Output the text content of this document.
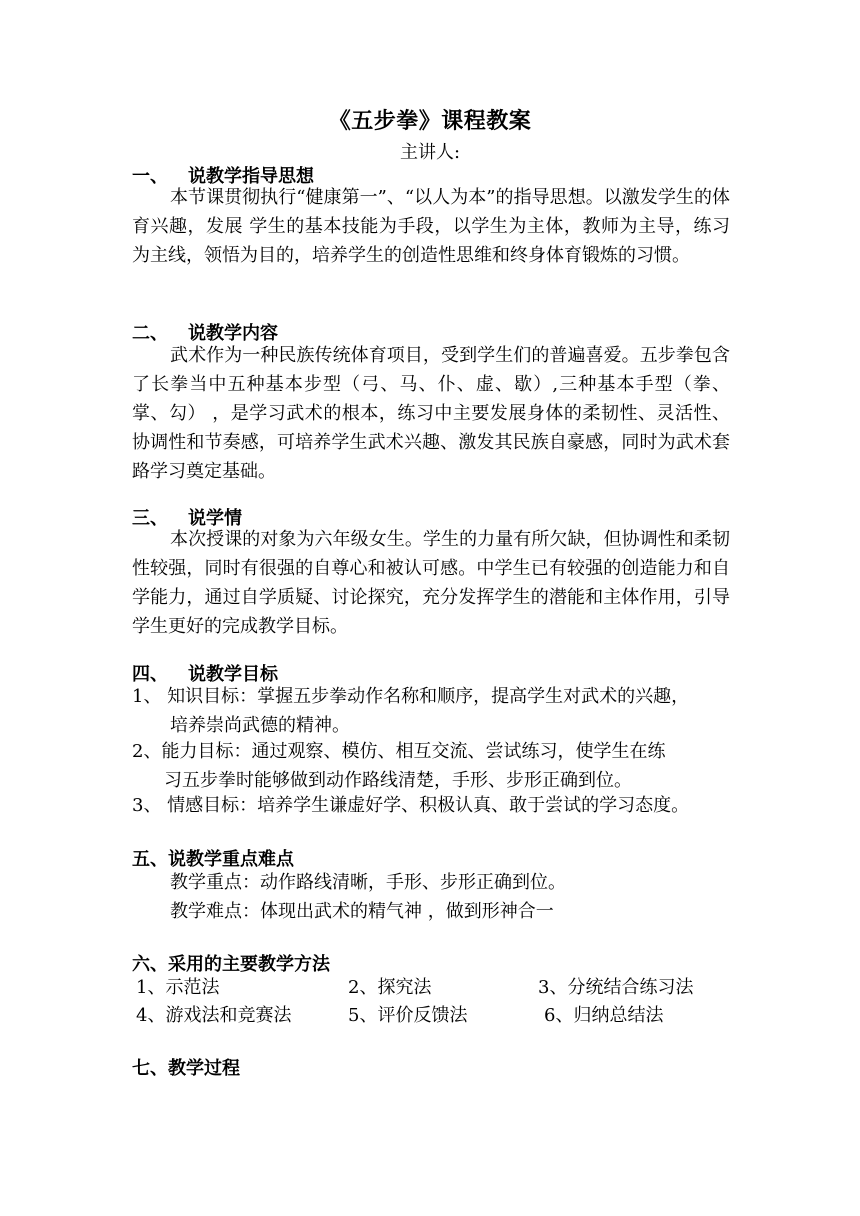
《五步拳》课程教案
主讲人:
一、 说教学指导思想
本节课贯彻执行“健康第一”、“以人为本”的指导思想。以激发学生的体育兴趣，发展 学生的基本技能为手段，以学生为主体，教师为主导，练习为主线，领悟为目的，培养学生的创造性思维和终身体育锻炼的习惯。
二、 说教学内容
武术作为一种民族传统体育项目，受到学生们的普遍喜爱。五步拳包含了长拳当中五种基本步型（弓、马、仆、虚、歇）,三种基本手型（拳、掌、勾） ，是学习武术的根本，练习中主要发展身体的柔韧性、灵活性、协调性和节奏感，可培养学生武术兴趣、激发其民族自豪感，同时为武术套路学习奠定基础。
三、 说学情
本次授课的对象为六年级女生。学生的力量有所欠缺，但协调性和柔韧性较强，同时有很强的自尊心和被认可感。中学生已有较强的创造能力和自学能力，通过自学质疑、讨论探究，充分发挥学生的潜能和主体作用，引导学生更好的完成教学目标。
四、 说教学目标
1、 知识目标：掌握五步拳动作名称和顺序，提高学生对武术的兴趣，
培养崇尚武德的精神。
2、能力目标：通过观察、模仿、相互交流、尝试练习，使学生在练
习五步拳时能够做到动作路线清楚，手形、步形正确到位。
3、 情感目标：培养学生谦虚好学、积极认真、敢于尝试的学习态度。
五、说教学重点难点
教学重点：动作路线清晰，手形、步形正确到位。
教学难点：体现出武术的精气神 ，做到形神合一
六、采用的主要教学方法
1、示范法	2、探究法	3、分统结合练习法
4、游戏法和竞赛法	5、评价反馈法	6、归纳总结法
七、教学过程
